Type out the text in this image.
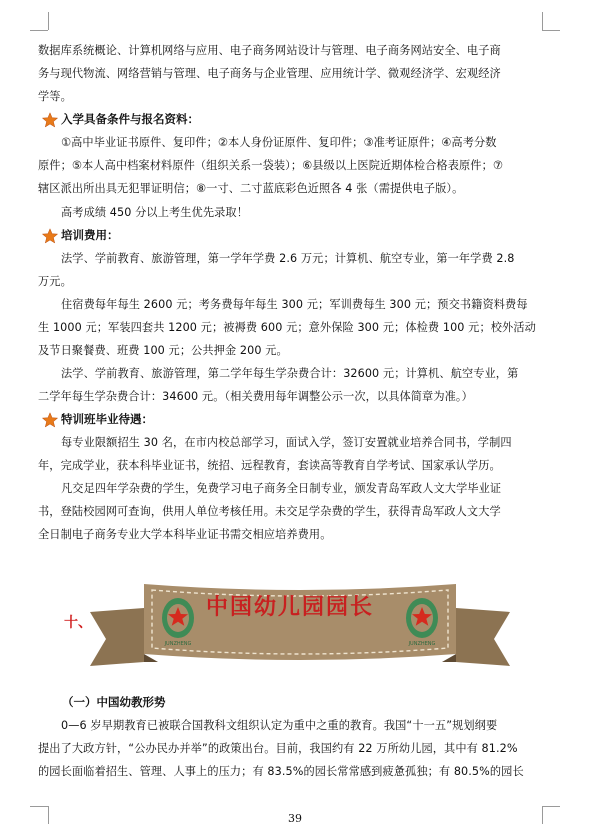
数据库系统概论、计算机网络与应用、电子商务网站设计与管理、电子商务网站安全、电子商
务与现代物流、网络营销与管理、电子商务与企业管理、应用统计学、微观经济学、宏观经济
学等。
入学具备条件与报名资料：
①高中毕业证书原件、复印件；②本人身份证原件、复印件；③准考证原件；④高考分数
原件；⑤本人高中档案材料原件（组织关系一袋装）；⑥县级以上医院近期体检合格表原件；⑦
辖区派出所出具无犯罪证明信；⑧一寸、二寸蓝底彩色近照各 4 张（需提供电子版）。
高考成绩 450 分以上考生优先录取！
培训费用：
法学、学前教育、旅游管理，第一学年学费 2.6 万元；计算机、航空专业，第一年学费 2.8
万元。
住宿费每年每生 2600 元；考务费每年每生 300 元；军训费每生 300 元；预交书籍资料费每
生 1000 元；军装四套共 1200 元；被褥费 600 元；意外保险 300 元；体检费 100 元；校外活动
及节日聚餐费、班费 100 元；公共押金 200 元。
法学、学前教育、旅游管理，第二学年每生学杂费合计：32600 元；计算机、航空专业，第
二学年每生学杂费合计：34600 元。（相关费用每年调整公示一次，以具体简章为准。）
特训班毕业待遇：
每专业限额招生 30 名，在市内校总部学习，面试入学，签订安置就业培养合同书，学制四
年，完成学业，获本科毕业证书，统招、远程教育，套读高等教育自学考试、国家承认学历。
凡交足四年学杂费的学生，免费学习电子商务全日制专业，颁发青岛军政人文大学毕业证
书，登陆校园网可查询，供用人单位考核任用。未交足学杂费的学生，获得青岛军政人文大学
全日制电子商务专业大学本科毕业证书需交相应培养费用。
十、
JUNZHENG	JUNZHENG
中国幼儿园园长
（一）中国幼教形势
0—6 岁早期教育已被联合国教科文组织认定为重中之重的教育。我国“十一五”规划纲要
提出了大政方针，“公办民办并举”的政策出台。目前，我国约有 22 万所幼儿园，其中有 81.2%
的园长面临着招生、管理、人事上的压力；有 83.5%的园长常常感到疲惫孤独；有 80.5%的园长
39
